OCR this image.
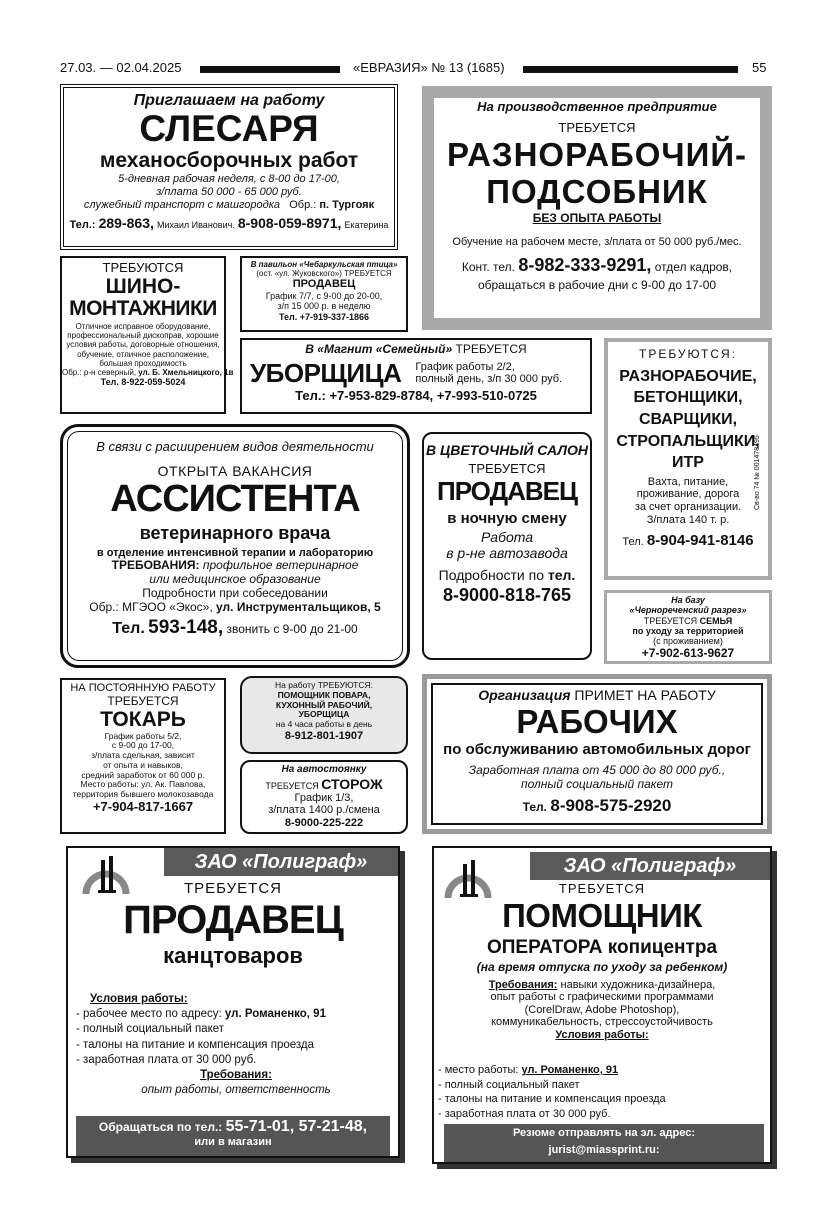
27.03. — 02.04.2025	«ЕВРАЗИЯ» № 13 (1685)	55
Приглашаем на работу
СЛЕСАРЯ
механосборочных работ
5-дневная рабочая неделя, с 8-00 до 17-00,
з/плата 50 000 - 65 000 руб.
служебный транспорт с машгородка Обр.: п. Тургояк
Тел.: 289-863, Михаил Иванович. 8-908-059-8971, Екатерина
На производственное предприятие
ТРЕБУЕТСЯ
РАЗНОРАБОЧИЙ-
ПОДСОБНИК
БЕЗ ОПЫТА РАБОТЫ
Обучение на рабочем месте, з/плата от 50 000 руб./мес.
Конт. тел. 8-982-333-9291, отдел кадров,
обращаться в рабочие дни с 9-00 до 17-00
ТРЕБУЮТСЯ
ШИНО-
МОНТАЖНИКИ
Отличное исправное оборудование,
профессиональный дископрав, хорошие
условия работы, договорные отношения,
обучение, отличное расположение,
большая проходимость
Обр.: р-н северный, ул. Б. Хмельницкого, 1в
Тел. 8-922-059-5024
В павильон «Чебаркульская птица»
(ост. «ул. Жуковского») ТРЕБУЕТСЯ
ПРОДАВЕЦ
График 7/7, с 9-00 до 20-00,
з/п 15 000 р. в неделю
Тел. +7-919-337-1866
В «Магнит «Семейный» ТРЕБУЕТСЯ
УБОРЩИЦА График работы 2/2,
полный день, з/п 30 000 руб.
Тел.: +7-953-829-8784, +7-993-510-0725
ТРЕБУЮТСЯ:
РАЗНОРАБОЧИЕ,
БЕТОНЩИКИ,
СВАРЩИКИ,
СТРОПАЛЬЩИКИ,
ИТР
Вахта, питание,
проживание, дорога
за счет организации.
З/плата 140 т. р.
Тел. 8-904-941-8146
Св-во 74 № 001478495
В связи с расширением видов деятельности
ОТКРЫТА ВАКАНСИЯ
АССИСТЕНТА
ветеринарного врача
в отделение интенсивной терапии и лабораторию
ТРЕБОВАНИЯ: профильное ветеринарное
или медицинское образование
Подробности при собеседовании
Обр.: МГЭОО «Экос», ул. Инструментальщиков, 5
Тел. 593-148, звонить с 9-00 до 21-00
В ЦВЕТОЧНЫЙ САЛОН
ТРЕБУЕТСЯ
ПРОДАВЕЦ
в ночную смену
Работа
в р-не автозавода
Подробности по тел.
8-9000-818-765	На базу
«Чернореченский разрез»
ТРЕБУЕТСЯ СЕМЬЯ
по уходу за территорией
(с проживанием)
+7-902-613-9627
НА ПОСТОЯННУЮ РАБОТУ
ТРЕБУЕТСЯ
ТОКАРЬ
График работы 5/2,
с 9-00 до 17-00,
з/плата сдельная, зависит
от опыта и навыков,
средний заработок от 60 000 р.
Место работы: ул. Ак. Павлова,
территория бывшего молокозавода
+7-904-817-1667
На работу ТРЕБУЮТСЯ:
ПОМОЩНИК ПОВАРА,
КУХОННЫЙ РАБОЧИЙ,
УБОРЩИЦА
на 4 часа работы в день
8-912-801-1907
На автостоянку
ТРЕБУЕТСЯ СТОРОЖ
График 1/3,
з/плата 1400 р./смена
8-9000-225-222
Организация ПРИМЕТ НА РАБОТУ
РАБОЧИХ
по обслуживанию автомобильных дорог
Заработная плата от 45 000 до 80 000 руб.,
полный социальный пакет
Тел. 8-908-575-2920
ЗАО «Полиграф»
ТРЕБУЕТСЯ
ПРОДАВЕЦ
канцтоваров
Условия работы:
- рабочее место по адресу: ул. Романенко, 91
- полный социальный пакет
- талоны на питание и компенсация проезда
- заработная плата от 30 000 руб.
Требования:
опыт работы, ответственность
Обращаться по тел.: 55-71-01, 57-21-48,
или в магазин
ЗАО «Полиграф»
ТРЕБУЕТСЯ
ПОМОЩНИК
ОПЕРАТОРА копицентра
(на время отпуска по уходу за ребенком)
Требования: навыки художника-дизайнера,
опыт работы с графическими программами
(CorelDraw, Adobe Photoshop),
коммуникабельность, стрессоустойчивость
Условия работы:
- место работы: ул. Романенко, 91
- полный социальный пакет
- талоны на питание и компенсация проезда
- заработная плата от 30 000 руб.
Резюме отправлять на эл. адрес:
jurist@miassprint.ru:
